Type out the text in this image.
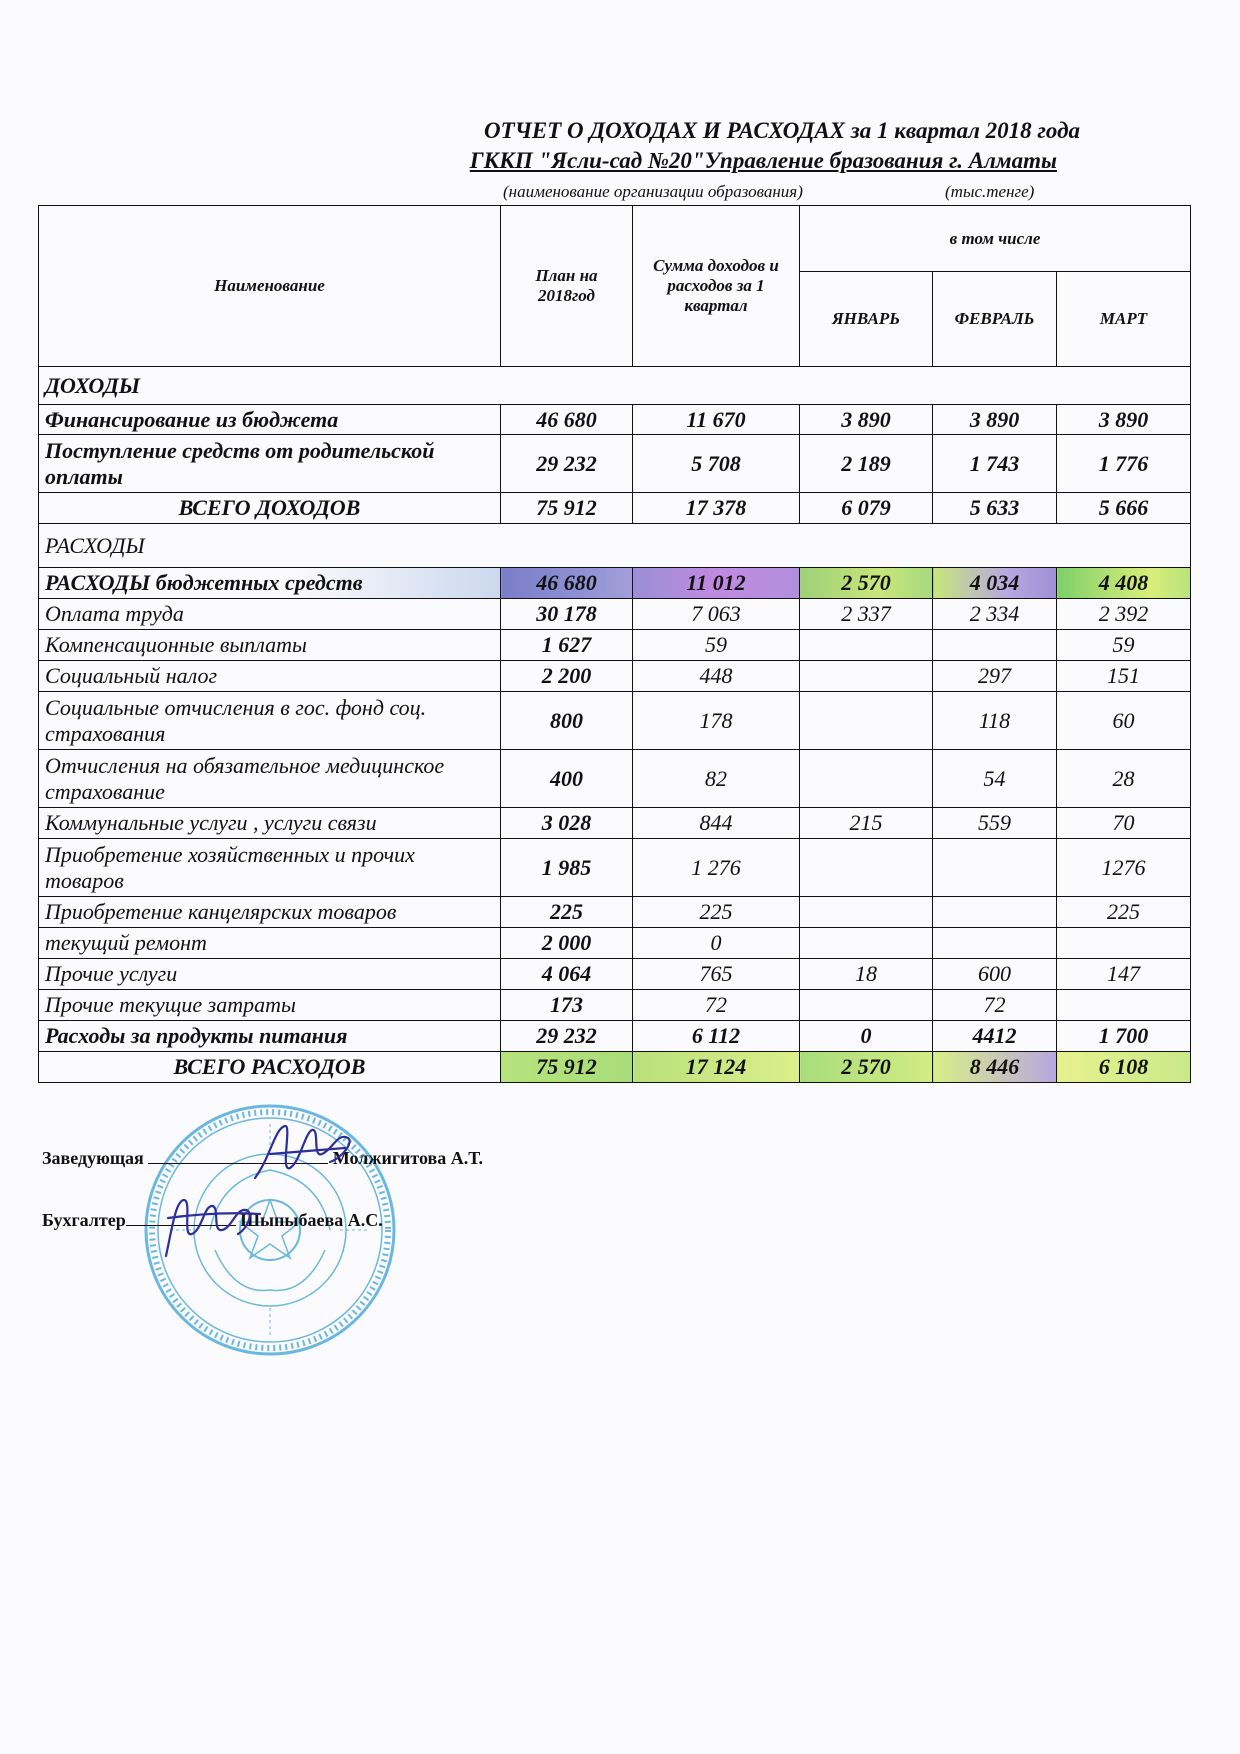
ОТЧЕТ О ДОХОДАХ И РАСХОДАХ за 1 квартал 2018 года
ГККП "Ясли-сад №20"Управление бразования г. Алматы
(наименование организации образования)	(тыс.тенге)
Наименование	План на 2018год	Сумма доходов и расходов за 1 квартал	в том числе		
			ЯНВАРЬ	ФЕВРАЛЬ	МАРТ
ДОХОДЫ					
Финансирование из бюджета	46 680	11 670	3 890	3 890	3 890
Поступление средств от родительской оплаты	29 232	5 708	2 189	1 743	1 776
ВСЕГО ДОХОДОВ	75 912	17 378	6 079	5 633	5 666
РАСХОДЫ					
РАСХОДЫ бюджетных средств	46 680	11 012	2 570	4 034	4 408
Оплата труда	30 178	7 063	2 337	2 334	2 392
Компенсационные выплаты	1 627	59			59
Социальный налог	2 200	448		297	151
Социальные отчисления в гос. фонд соц. страхования	800	178		118	60
Отчисления на обязательное медицинское страхование	400	82		54	28
Коммунальные услуги , услуги связи	3 028	844	215	559	70
Приобретение хозяйственных и прочих товаров	1 985	1 276			1276
Приобретение канцелярских товаров	225	225			225
текущий ремонт	2 000	0			
Прочие услуги	4 064	765	18	600	147
Прочие текущие затраты	173	72		72	
Расходы за продукты питания	29 232	6 112	0	4412	1 700
ВСЕГО РАСХОДОВ	75 912	17 124	2 570	8 446	6 108
Заведующая	Молжигитова А.Т.
Бухгалтер	Шыпыбаева А.С.
